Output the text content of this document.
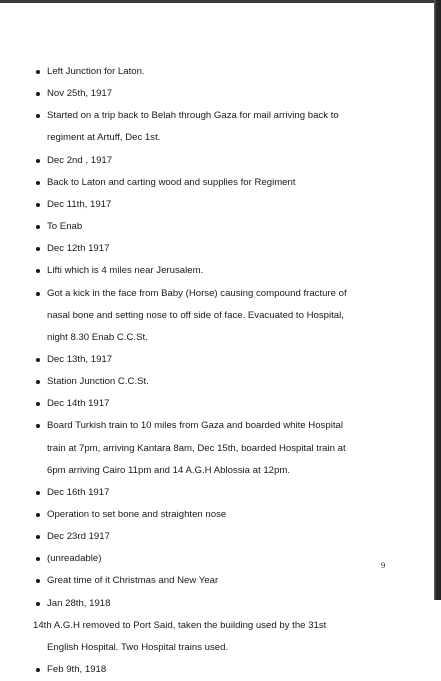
Left Junction for Laton.
Nov 25th, 1917
Started on a trip back to Belah through Gaza for mail arriving back to
regiment at Artuff, Dec 1st.
Dec 2nd , 1917
Back to Laton and carting wood and supplies for Regiment
Dec 11th, 1917
To Enab
Dec 12th 1917
Lifti which is 4 miles near Jerusalem.
Got a kick in the face from Baby (Horse) causing compound fracture of
nasal bone and setting nose to off side of face. Evacuated to Hospital,
night 8.30 Enab C.C.St.
Dec 13th, 1917
Station Junction C.C.St.
Dec 14th 1917
Board Turkish train to 10 miles from Gaza and boarded white Hospital
train at 7pm, arriving Kantara 8am, Dec 15th, boarded Hospital train at
6pm arriving Cairo 11pm and 14 A.G.H Ablossia at 12pm.
Dec 16th 1917
Operation to set bone and straighten nose
Dec 23rd 1917
(unreadable)
Great time of it Christmas and New Year
Jan 28th, 1918
14th A.G.H removed to Port Said, taken the building used by the 31st
English Hospital. Two Hospital trains used.
Feb 9th, 1918
9
